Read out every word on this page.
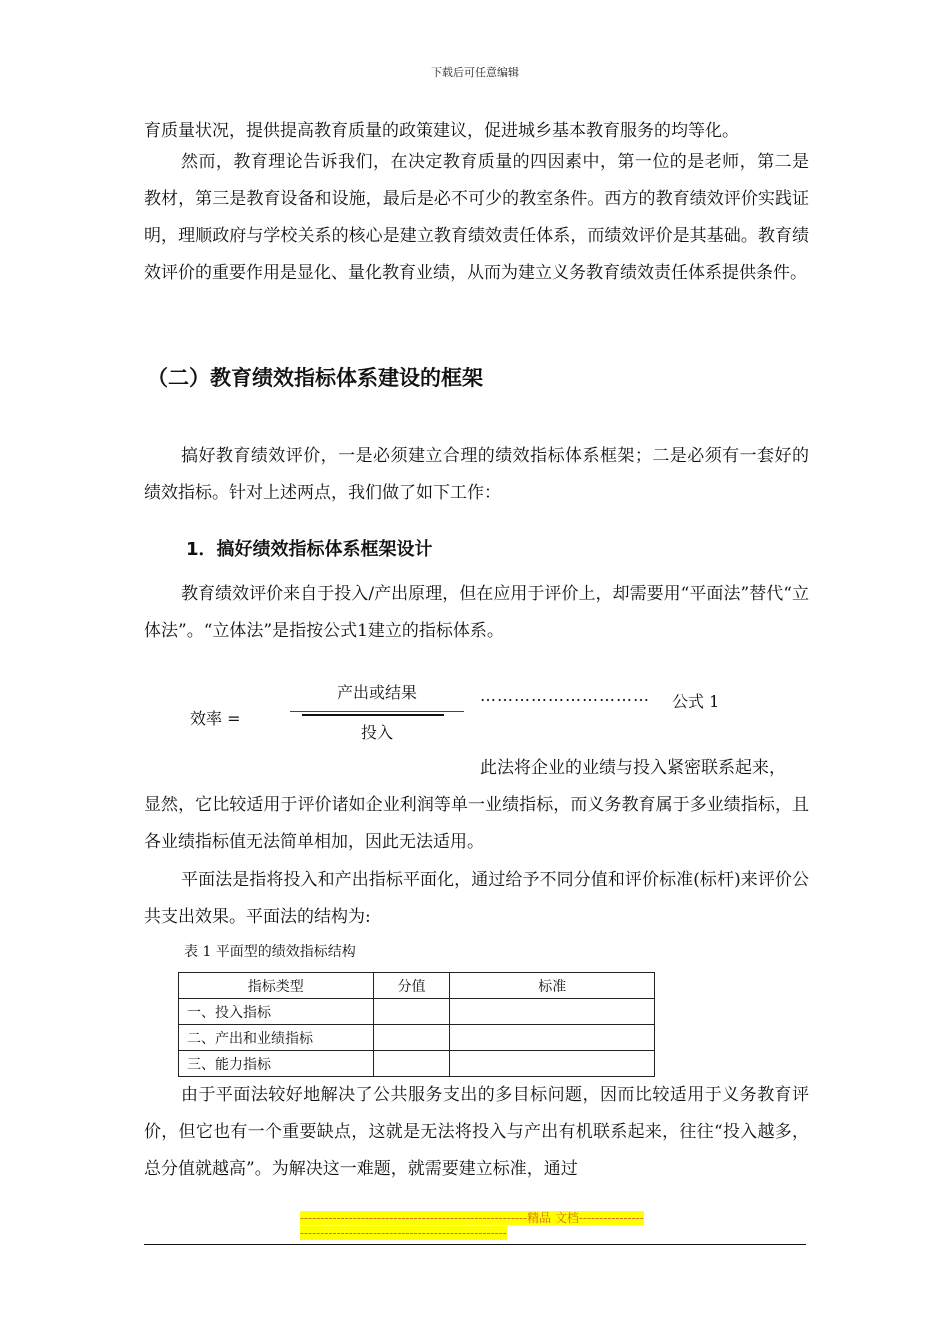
下载后可任意编辑

育质量状况，提供提高教育质量的政策建议，促进城乡基本教育服务的均等化。

然而，教育理论告诉我们，在决定教育质量的四因素中，第一位的是老师，第二是教材，第三是教育设备和设施，最后是必不可少的教室条件。西方的教育绩效评价实践证明，理顺政府与学校关系的核心是建立教育绩效责任体系，而绩效评价是其基础。教育绩效评价的重要作用是显化、量化教育业绩，从而为建立义务教育绩效责任体系提供条件。

（二）教育绩效指标体系建设的框架

搞好教育绩效评价，一是必须建立合理的绩效指标体系框架；二是必须有一套好的绩效指标。针对上述两点，我们做了如下工作：

1．搞好绩效指标体系框架设计

教育绩效评价来自于投入/产出原理，但在应用于评价上，却需要用“平面法”替代“立体法”。“立体法”是指按公式1建立的指标体系。

效率 =
产出或结果
投入
………………………… 公式 1

此法将企业的业绩与投入紧密联系起来，

显然，它比较适用于评价诸如企业利润等单一业绩指标，而义务教育属于多业绩指标，且各业绩指标值无法简单相加，因此无法适用。

平面法是指将投入和产出指标平面化，通过给予不同分值和评价标准(标杆)来评价公共支出效果。平面法的结构为:

表 1 平面型的绩效指标结构
指标类型	分值	标准
一、投入指标		
二、产出和业绩指标		
三、能力指标		

由于平面法较好地解决了公共服务支出的多目标问题，因而比较适用于义务教育评价，但它也有一个重要缺点，这就是无法将投入与产出有机联系起来，往往“投入越多，总分值就越高”。为解决这一难题，就需要建立标准，通过

--------------------------------------------------------精品 文档-------------------------------------------------------------------
